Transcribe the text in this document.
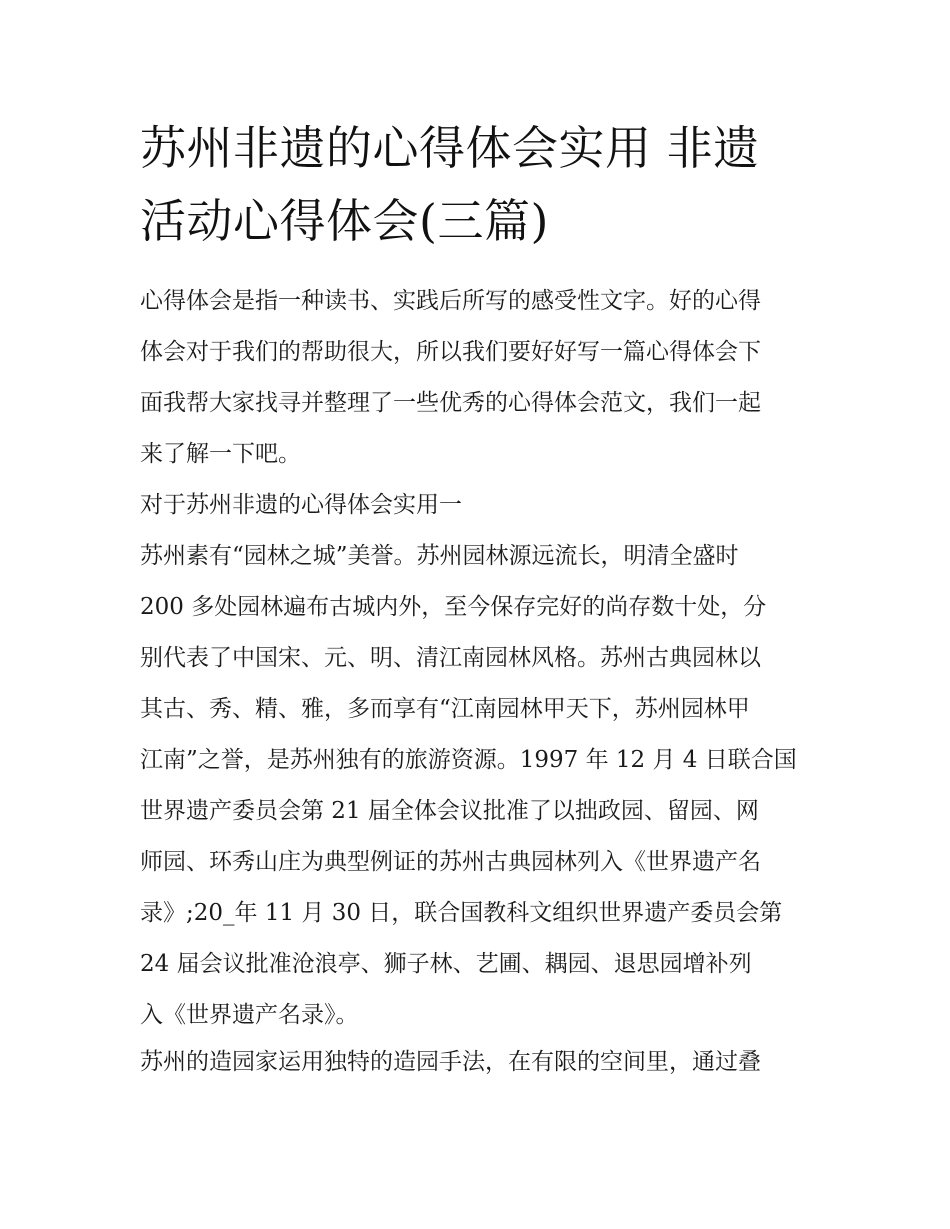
苏州非遗的心得体会实用 非遗
活动心得体会(三篇)
心得体会是指一种读书、实践后所写的感受性文字。好的心得
体会对于我们的帮助很大，所以我们要好好写一篇心得体会下
面我帮大家找寻并整理了一些优秀的心得体会范文，我们一起
来了解一下吧。
对于苏州非遗的心得体会实用一
苏州素有“园林之城”美誉。苏州园林源远流长，明清全盛时
200 多处园林遍布古城内外，至今保存完好的尚存数十处，分
别代表了中国宋、元、明、清江南园林风格。苏州古典园林以
其古、秀、精、雅，多而享有“江南园林甲天下，苏州园林甲
江南”之誉，是苏州独有的旅游资源。1997 年 12 月 4 日联合国
世界遗产委员会第 21 届全体会议批准了以拙政园、留园、网
师园、环秀山庄为典型例证的苏州古典园林列入《世界遗产名
录》;20_年 11 月 30 日，联合国教科文组织世界遗产委员会第
24 届会议批准沧浪亭、狮子林、艺圃、耦园、退思园增补列
入《世界遗产名录》。
苏州的造园家运用独特的造园手法，在有限的空间里，通过叠
